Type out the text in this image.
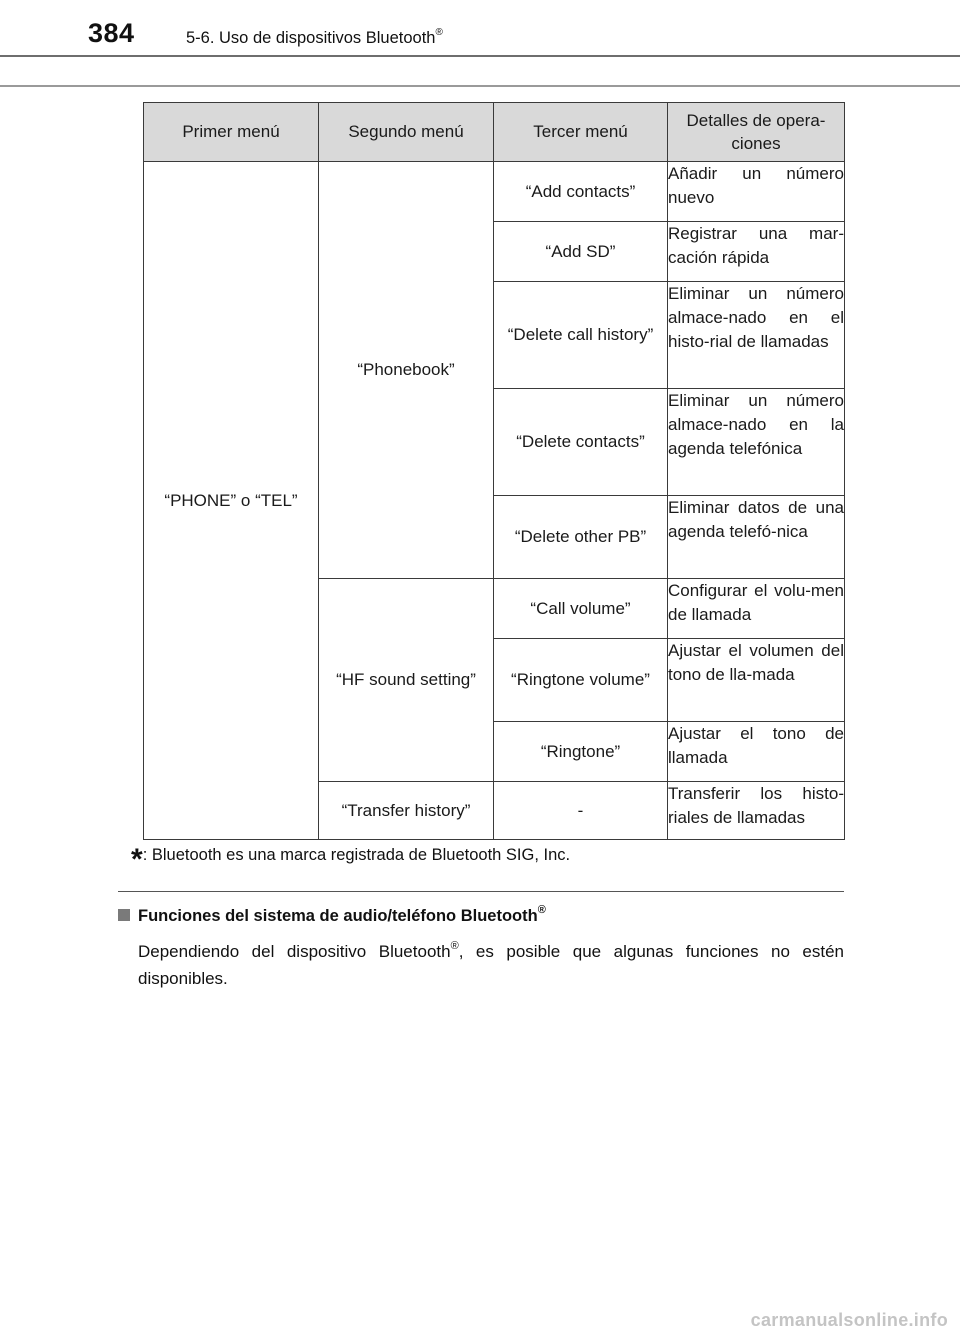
384	5-6. Uso de dispositivos Bluetooth®
Primer menú	Segundo menú	Tercer menú	Detalles de opera-ciones
“PHONE” o “TEL”	“Phonebook”	“Add contacts”	Añadir un número nuevo
		“Add SD”	Registrar una mar-cación rápida
		“Delete call history”	Eliminar un número almace-nado en el histo-rial de llamadas
		“Delete contacts”	Eliminar un número almace-nado en la agenda telefónica
		“Delete other PB”	Eliminar datos de una agenda telefó-nica
	“HF sound setting”	“Call volume”	Configurar el volu-men de llamada
		“Ringtone volume”	Ajustar el volumen del tono de lla-mada
		“Ringtone”	Ajustar el tono de llamada
	“Transfer history”	-	Transferir los histo-riales de llamadas
*: Bluetooth es una marca registrada de Bluetooth SIG, Inc.
Funciones del sistema de audio/teléfono Bluetooth®
Dependiendo del dispositivo Bluetooth®, es posible que algunas funciones no estén disponibles.
carmanualsonline.info
